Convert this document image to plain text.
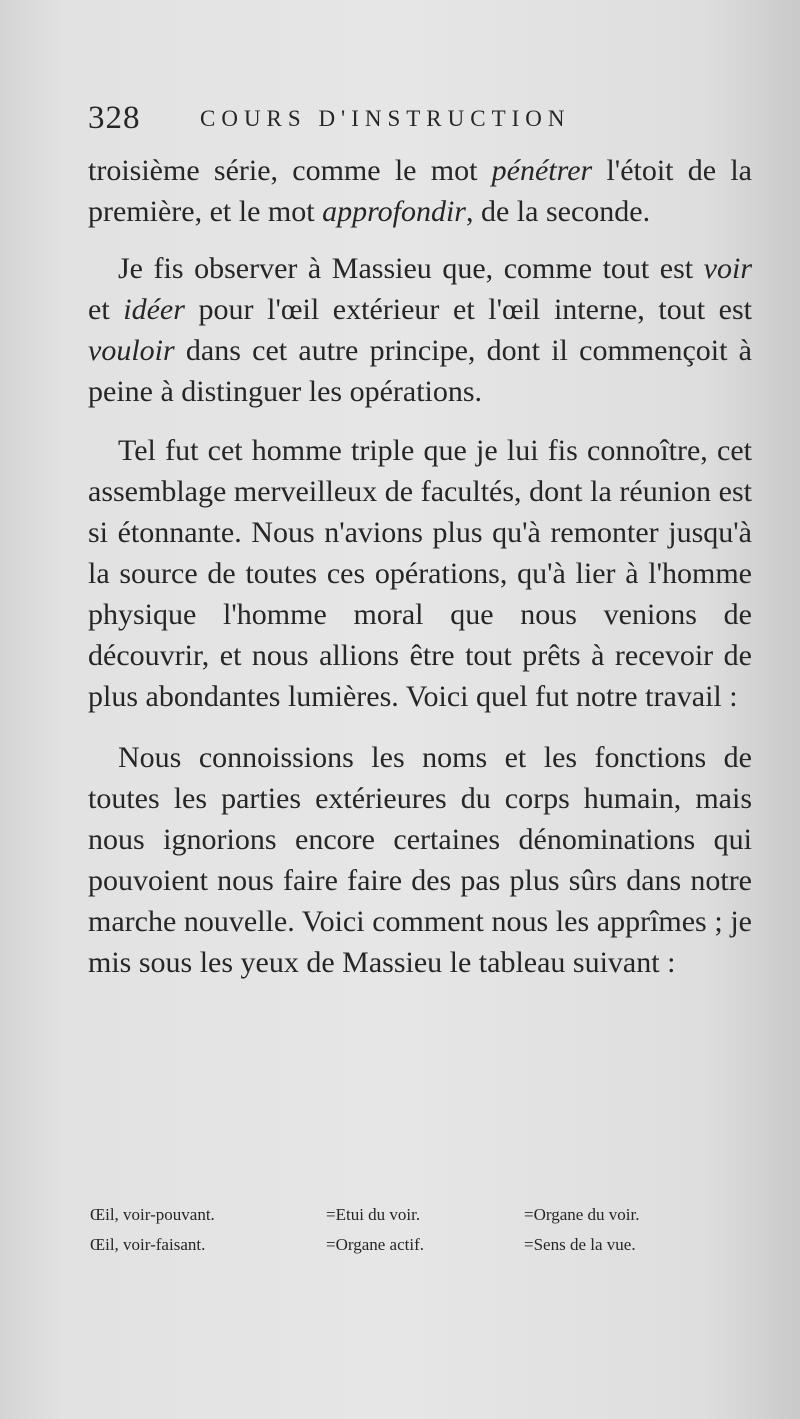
328	COURS D'INSTRUCTION

troisième série, comme le mot pénétrer l'étoit de la première, et le mot approfondir, de la seconde.

Je fis observer à Massieu que, comme tout est voir et idéer pour l'œil extérieur et l'œil interne, tout est vouloir dans cet autre principe, dont il commençoit à peine à distinguer les opérations.

Tel fut cet homme triple que je lui fis connoître, cet assemblage merveilleux de facultés, dont la réunion est si étonnante. Nous n'avions plus qu'à remonter jusqu'à la source de toutes ces opérations, qu'à lier à l'homme physique l'homme moral que nous venions de découvrir, et nous allions être tout prêts à recevoir de plus abondantes lumières. Voici quel fut notre travail :

Nous connoissions les noms et les fonctions de toutes les parties extérieures du corps humain, mais nous ignorions encore certaines dénominations qui pouvoient nous faire faire des pas plus sûrs dans notre marche nouvelle. Voici comment nous les apprîmes ; je mis sous les yeux de Massieu le tableau suivant :

Œil, voir-pouvant.	=Etui du voir.	=Organe du voir.
Œil, voir-faisant.	=Organe actif.	=Sens de la vue.
